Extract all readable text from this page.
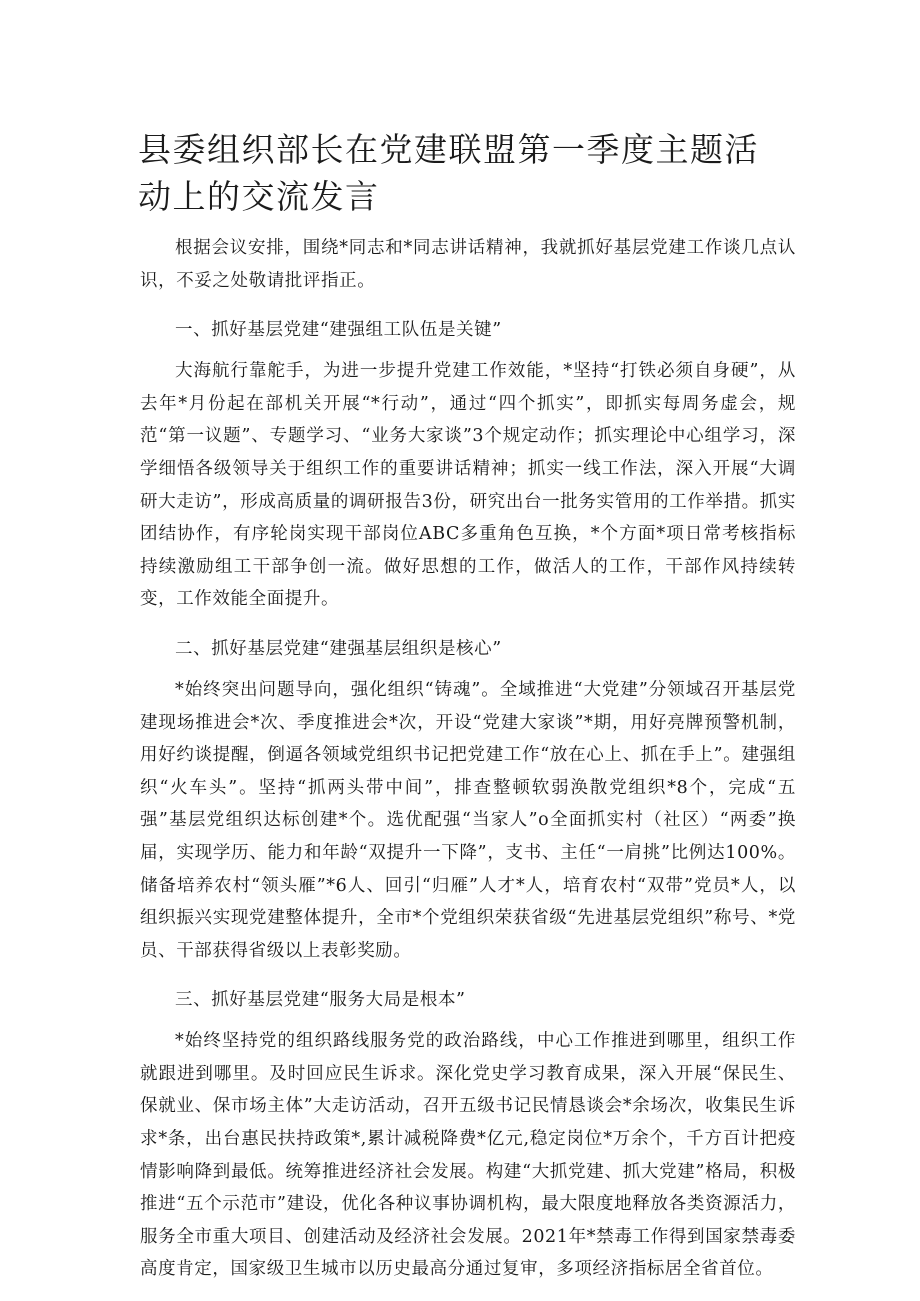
县委组织部长在党建联盟第一季度主题活动上的交流发言

根据会议安排，围绕*同志和*同志讲话精神，我就抓好基层党建工作谈几点认识，不妥之处敬请批评指正。

一、抓好基层党建“建强组工队伍是关键”

大海航行靠舵手，为进一步提升党建工作效能，*坚持“打铁必须自身硬”，从去年*月份起在部机关开展“*行动”，通过“四个抓实”，即抓实每周务虚会，规范“第一议题”、专题学习、“业务大家谈”3个规定动作；抓实理论中心组学习，深学细悟各级领导关于组织工作的重要讲话精神；抓实一线工作法，深入开展“大调研大走访”，形成高质量的调研报告3份，研究出台一批务实管用的工作举措。抓实团结协作，有序轮岗实现干部岗位ABC多重角色互换，*个方面*项日常考核指标持续激励组工干部争创一流。做好思想的工作，做活人的工作，干部作风持续转变，工作效能全面提升。

二、抓好基层党建“建强基层组织是核心”

*始终突出问题导向，强化组织“铸魂”。全域推进“大党建”分领域召开基层党建现场推进会*次、季度推进会*次，开设“党建大家谈”*期，用好亮牌预警机制，用好约谈提醒，倒逼各领域党组织书记把党建工作“放在心上、抓在手上”。建强组织“火车头”。坚持“抓两头带中间”，排查整顿软弱涣散党组织*8个，完成“五强”基层党组织达标创建*个。选优配强“当家人”o全面抓实村（社区）“两委”换届，实现学历、能力和年龄“双提升一下降”，支书、主任“一肩挑”比例达100%。储备培养农村“领头雁”*6人、回引“归雁”人才*人，培育农村“双带”党员*人，以组织振兴实现党建整体提升，全市*个党组织荣获省级“先进基层党组织”称号、*党员、干部获得省级以上表彰奖励。

三、抓好基层党建“服务大局是根本”

*始终坚持党的组织路线服务党的政治路线，中心工作推进到哪里，组织工作就跟进到哪里。及时回应民生诉求。深化党史学习教育成果，深入开展“保民生、保就业、保市场主体”大走访活动，召开五级书记民情恳谈会*余场次，收集民生诉求*条，出台惠民扶持政策*,累计减税降费*亿元,稳定岗位*万余个，千方百计把疫情影响降到最低。统筹推进经济社会发展。构建“大抓党建、抓大党建”格局，积极推进“五个示范市”建设，优化各种议事协调机构，最大限度地释放各类资源活力，服务全市重大项目、创建活动及经济社会发展。2021年*禁毒工作得到国家禁毒委高度肯定，国家级卫生城市以历史最高分通过复审，多项经济指标居全省首位。
